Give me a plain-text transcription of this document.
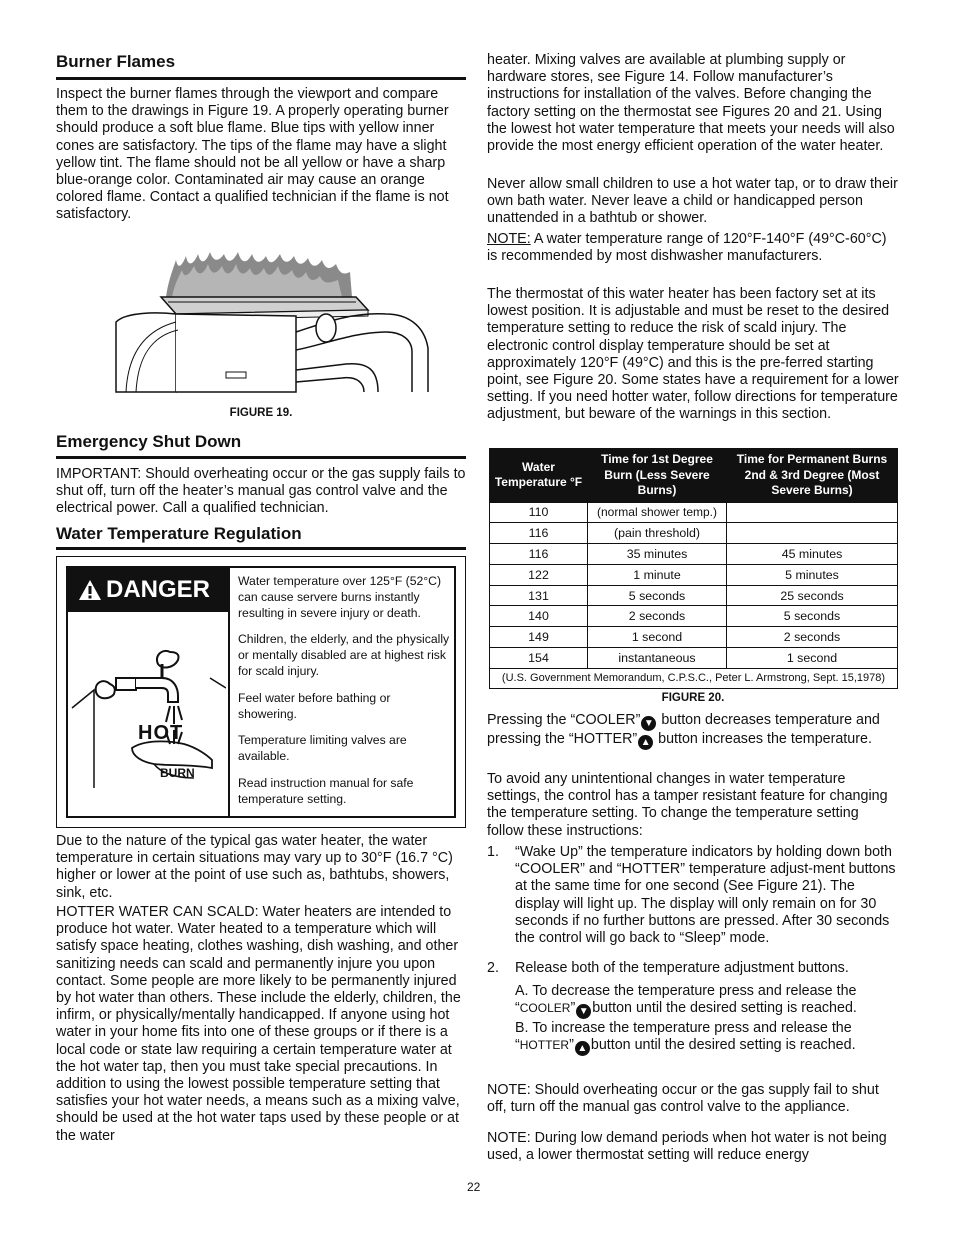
Burner Flames

Inspect the burner flames through the viewport and compare them to the drawings in Figure 19. A properly operating burner should produce a soft blue flame. Blue tips with yellow inner cones are satisfactory. The tips of the flame may have a slight yellow tint. The flame should not be all yellow or have a sharp blue-orange color. Contaminated air may cause an orange colored flame. Contact a qualified technician if the flame is not satisfactory.

FIGURE 19.
Emergency Shut Down

IMPORTANT: Should overheating occur or the gas supply fails to shut off, turn off the heater’s manual gas control valve and the electrical power. Call a qualified technician.

Water Temperature Regulation
DANGER
HOT
BURN

Water temperature over 125°F (52°C) can cause servere burns instantly resulting in severe injury or death.

Children, the elderly, and the physically or mentally disabled are at highest risk for scald injury.

Feel water before bathing or showering.

Temperature limiting valves are available.

Read instruction manual for safe temperature setting.

Due to the nature of the typical gas water heater, the water temperature in certain situations may vary up to 30°F (16.7 °C) higher or lower at the point of use such as, bathtubs, showers, sink, etc.

HOTTER WATER CAN SCALD: Water heaters are intended to produce hot water. Water heated to a temperature which will satisfy space heating, clothes washing, dish washing, and other sanitizing needs can scald and permanently injure you upon contact. Some people are more likely to be permanently injured by hot water than others. These include the elderly, children, the infirm, or physically/mentally handicapped. If anyone using hot water in your home fits into one of these groups or if there is a local code or state law requiring a certain temperature water at the hot water tap, then you must take special precautions. In addition to using the lowest possible temperature setting that satisfies your hot water needs, a means such as a mixing valve, should be used at the hot water taps used by these people or at the water

heater. Mixing valves are available at plumbing supply or hardware stores, see Figure 14. Follow manufacturer’s instructions for installation of the valves. Before changing the factory setting on the thermostat see Figures 20 and 21. Using the lowest hot water temperature that meets your needs will also provide the most energy efficient operation of the water heater.

Never allow small children to use a hot water tap, or to draw their own bath water. Never leave a child or handicapped person unattended in a bathtub or shower.

NOTE: A water temperature range of 120°F-140°F (49°C-60°C) is recommended by most dishwasher manufacturers.

The thermostat of this water heater has been factory set at its lowest position. It is adjustable and must be reset to the desired temperature setting to reduce the risk of scald injury. The electronic control display temperature should be set at approximately 120°F (49°C) and this is the pre-ferred starting point, see Figure 20. Some states have a requirement for a lower setting. If you need hotter water, follow directions for temperature adjustment, but beware of the warnings in this section.

Water Temperature °F	Time for 1st Degree Burn (Less Severe Burns)	Time for Permanent Burns 2nd & 3rd Degree (Most Severe Burns)
110	(normal shower temp.)	
116	(pain threshold)	
116	35 minutes	45 minutes
122	1 minute	5 minutes
131	5 seconds	25 seconds
140	2 seconds	5 seconds
149	1 second	2 seconds
154	instantaneous	1 second
(U.S. Government Memorandum, C.P.S.C., Peter L. Armstrong, Sept. 15,1978)		
FIGURE 20.

Pressing the “COOLER” ▼ button decreases temperature and pressing the “HOTTER” ▲ button increases the temperature.

To avoid any unintentional changes in water temperature settings, the control has a tamper resistant feature for changing the temperature setting. To change the temperature setting follow these instructions:

1. “Wake Up” the temperature indicators by holding down both “COOLER” and “HOTTER” temperature adjust-ment buttons at the same time for one second (See Figure 21). The display will light up. The display will only remain on for 30 seconds if no further buttons are pressed. After 30 seconds the control will go back to “Sleep” mode.

2. Release both of the temperature adjustment buttons.

A. To decrease the temperature press and release the “COOLER” ▼ button until the desired setting is reached.

B. To increase the temperature press and release the “HOTTER” ▲ button until the desired setting is reached.

NOTE: Should overheating occur or the gas supply fail to shut off, turn off the manual gas control valve to the appliance.

NOTE: During low demand periods when hot water is not being used, a lower thermostat setting will reduce energy

22
